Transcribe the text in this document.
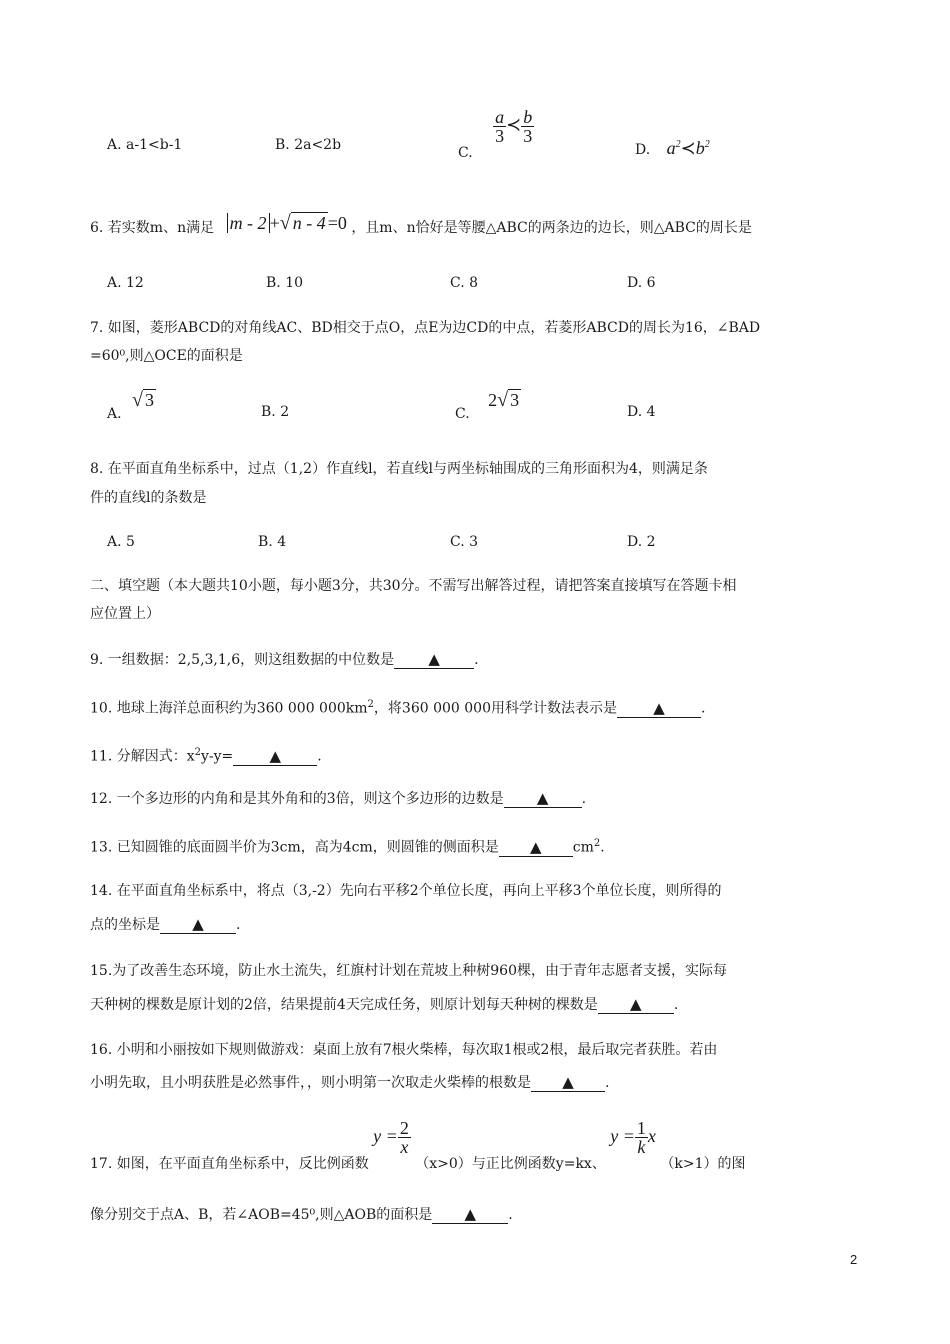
A. a-1<b-1	B. 2a<2b	C.
$\frac{a}{3}$ ≺ $\frac{b}{3}$
D. $a^2≺b^2$
6. 若实数m、n满足 m - 2 +√ n - 4 =0 ，且m、n恰好是等腰△ABC的两条边的边长，则△ABC的周长是
A. 12	B. 10	C. 8	D. 6
7. 如图，菱形ABCD的对角线AC、BD相交于点O，点E为边CD的中点，若菱形ABCD的周长为16，∠BAD
=60⁰,则△OCE的面积是
A. √ 3
B. 2	C. 2√ 3
D. 4
8. 在平面直角坐标系中，过点（1,2）作直线l，若直线l与两坐标轴围成的三角形面积为4，则满足条
件的直线l的条数是
A. 5	B. 4	C. 3	D. 2
二、填空题（本大题共10小题，每小题3分，共30分。不需写出解答过程，请把答案直接填写在答题卡相
应位置上）
9. 一组数据：2,5,3,1,6，则这组数据的中位数是 ▲ .
10. 地球上海洋总面积约为360 000 $000km^2$，将360 000 000用科学计数法表示是 ▲	.
11. 分解因式：$x^2y-y=$ ▲	.
12. 一个多边形的内角和是其外角和的3倍，则这个多边形的边数是 ▲ .
13. 已知圆锥的底面圆半价为3cm，高为4cm，则圆锥的侧面积是 ▲ $cm^2$.
14. 在平面直角坐标系中，将点（3,-2）先向右平移2个单位长度，再向上平移3个单位长度，则所得的
点的坐标是 ▲ .
15.为了改善生态环境，防止水土流失，红旗村计划在荒坡上种树960棵，由于青年志愿者支援，实际每
天种树的棵数是原计划的2倍，结果提前4天完成任务，则原计划每天种树的棵数是 ▲ .
16. 小明和小丽按如下规则做游戏：桌面上放有7根火柴棒，每次取1根或2根，最后取完者获胜。若由
小明先取，且小明获胜是必然事件，，则小明第一次取走火柴棒的根数是 ▲ .
17. 如图，在平面直角坐标系中，反比例函数 $y = \frac{2}{x}$
（x>0）与正比例函数y=kx、 $y = \frac{1}{k}$ x （k>1）的图
像分别交于点A、B，若∠AOB=45⁰,则△AOB的面积是 ▲ .
2
